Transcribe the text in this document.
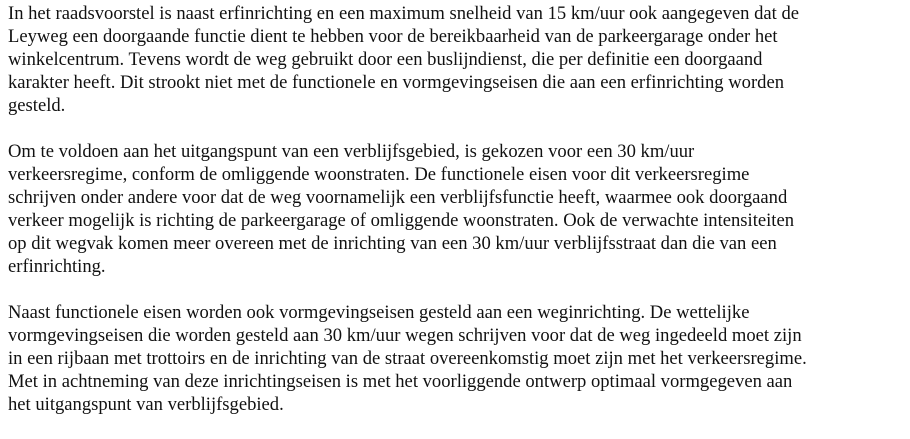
In het raadsvoorstel is naast erfinrichting en een maximum snelheid van 15 km/uur ook aangegeven dat de
Leyweg een doorgaande functie dient te hebben voor de bereikbaarheid van de parkeergarage onder het
winkelcentrum. Tevens wordt de weg gebruikt door een buslijndienst, die per definitie een doorgaand
karakter heeft. Dit strookt niet met de functionele en vormgevingseisen die aan een erfinrichting worden
gesteld.

Om te voldoen aan het uitgangspunt van een verblijfsgebied, is gekozen voor een 30 km/uur
verkeersregime, conform de omliggende woonstraten. De functionele eisen voor dit verkeersregime
schrijven onder andere voor dat de weg voornamelijk een verblijfsfunctie heeft, waarmee ook doorgaand
verkeer mogelijk is richting de parkeergarage of omliggende woonstraten. Ook de verwachte intensiteiten
op dit wegvak komen meer overeen met de inrichting van een 30 km/uur verblijfsstraat dan die van een
erfinrichting.

Naast functionele eisen worden ook vormgevingseisen gesteld aan een weginrichting. De wettelijke
vormgevingseisen die worden gesteld aan 30 km/uur wegen schrijven voor dat de weg ingedeeld moet zijn
in een rijbaan met trottoirs en de inrichting van de straat overeenkomstig moet zijn met het verkeersregime.
Met in achtneming van deze inrichtingseisen is met het voorliggende ontwerp optimaal vormgegeven aan
het uitgangspunt van verblijfsgebied.
